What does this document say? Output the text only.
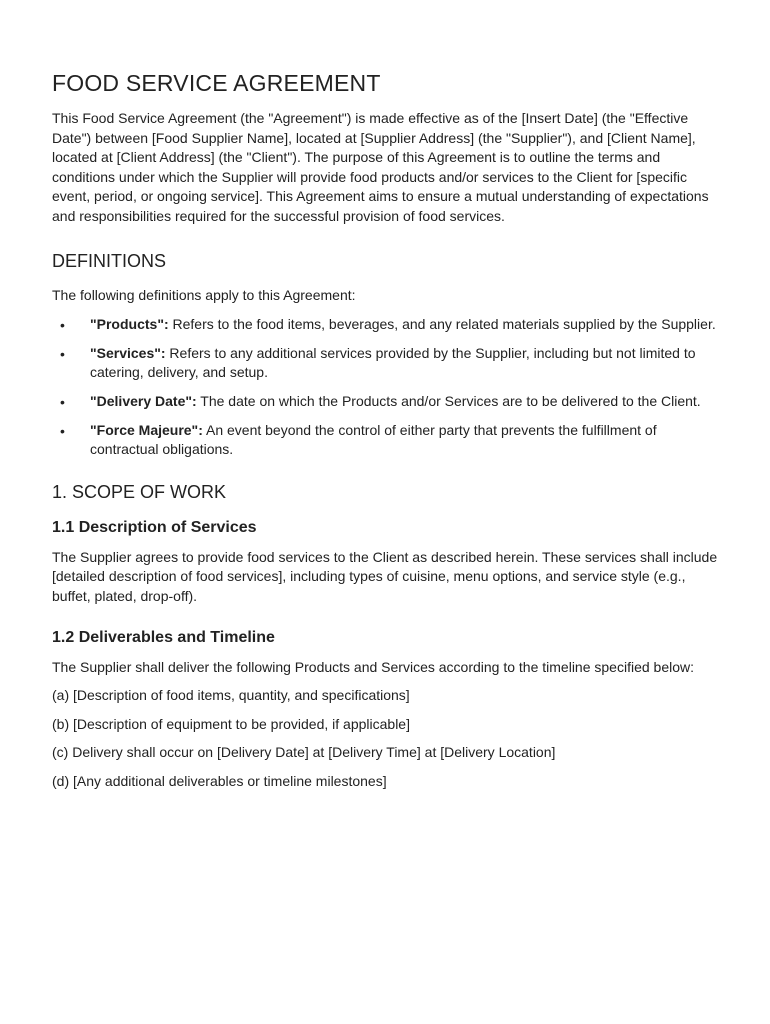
FOOD SERVICE AGREEMENT

This Food Service Agreement (the "Agreement") is made effective as of the [Insert Date] (the "Effective Date") between [Food Supplier Name], located at [Supplier Address] (the "Supplier"), and [Client Name], located at [Client Address] (the "Client"). The purpose of this Agreement is to outline the terms and conditions under which the Supplier will provide food products and/or services to the Client for [specific event, period, or ongoing service]. This Agreement aims to ensure a mutual understanding of expectations and responsibilities required for the successful provision of food services.

DEFINITIONS

The following definitions apply to this Agreement:

• "Products": Refers to the food items, beverages, and any related materials supplied by the Supplier.
• "Services": Refers to any additional services provided by the Supplier, including but not limited to catering, delivery, and setup.
• "Delivery Date": The date on which the Products and/or Services are to be delivered to the Client.
• "Force Majeure": An event beyond the control of either party that prevents the fulfillment of contractual obligations.
1. SCOPE OF WORK
1.1 Description of Services

The Supplier agrees to provide food services to the Client as described herein. These services shall include [detailed description of food services], including types of cuisine, menu options, and service style (e.g., buffet, plated, drop-off).

1.2 Deliverables and Timeline

The Supplier shall deliver the following Products and Services according to the timeline specified below:

(a) [Description of food items, quantity, and specifications]

(b) [Description of equipment to be provided, if applicable]

(c) Delivery shall occur on [Delivery Date] at [Delivery Time] at [Delivery Location]

(d) [Any additional deliverables or timeline milestones]
